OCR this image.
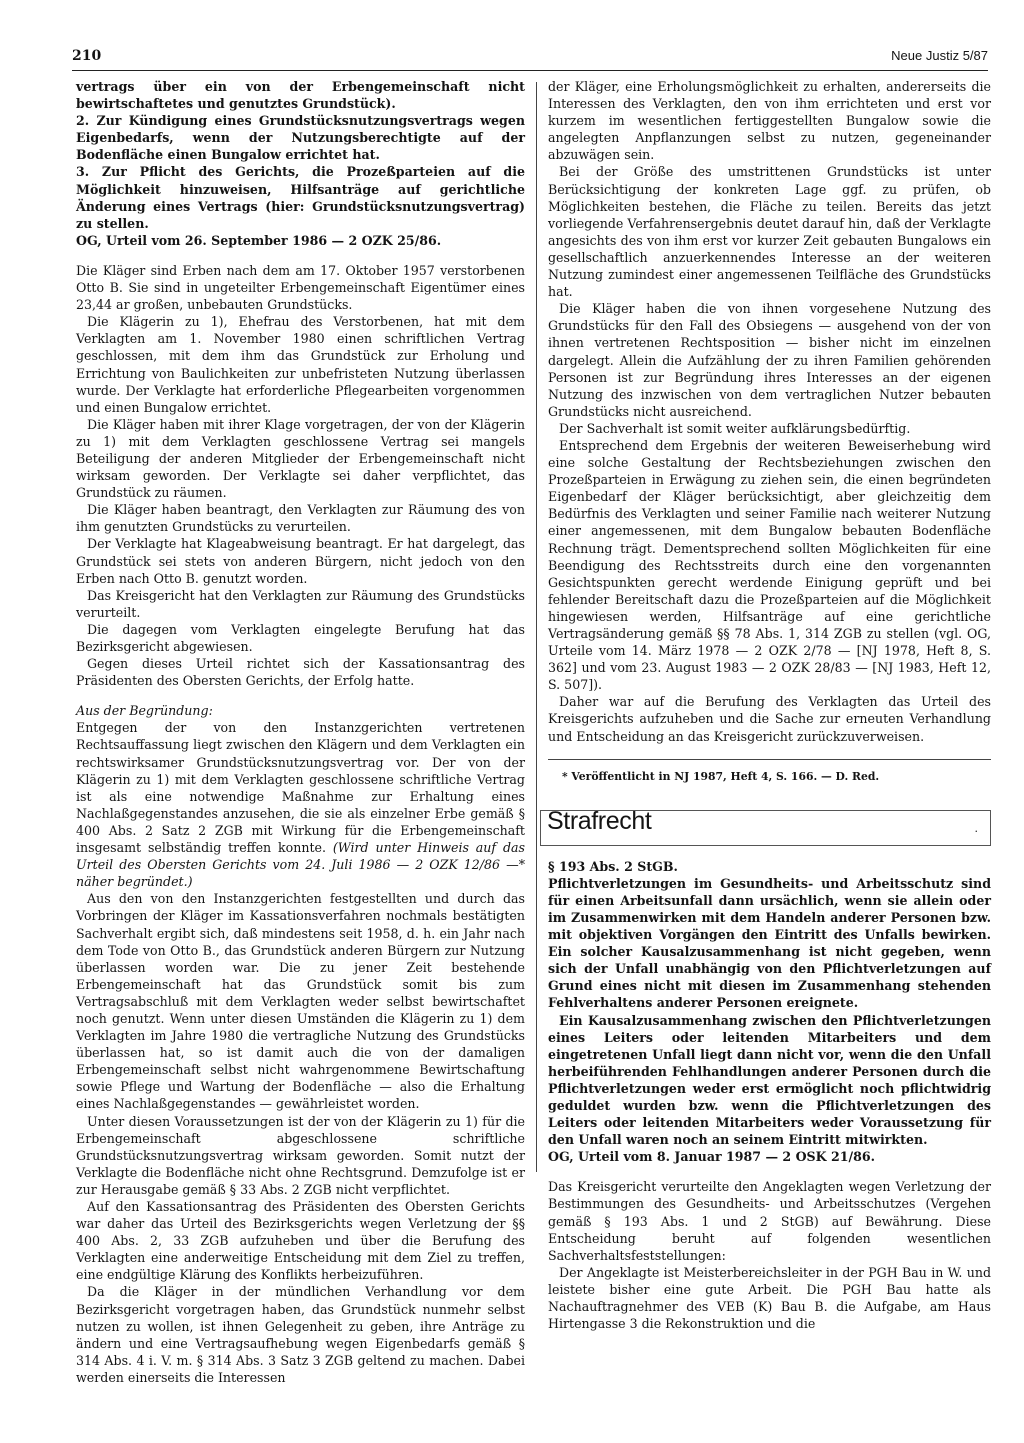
210	Neue Justiz 5/87

vertrags über ein von der Erbengemeinschaft nicht bewirtschaftetes und genutztes Grundstück).

2. Zur Kündigung eines Grundstücksnutzungsvertrags wegen Eigenbedarfs, wenn der Nutzungsberechtigte auf der Bodenfläche einen Bungalow errichtet hat.

3. Zur Pflicht des Gerichts, die Prozeßparteien auf die Möglichkeit hinzuweisen, Hilfsanträge auf gerichtliche Änderung eines Vertrags (hier: Grundstücksnutzungsvertrag) zu stellen.

OG, Urteil vom 26. September 1986 — 2 OZK 25/86.

Die Kläger sind Erben nach dem am 17. Oktober 1957 verstorbenen Otto B. Sie sind in ungeteilter Erbengemeinschaft Eigentümer eines 23,44 ar großen, unbebauten Grundstücks.

Die Klägerin zu 1), Ehefrau des Verstorbenen, hat mit dem Verklagten am 1. November 1980 einen schriftlichen Vertrag geschlossen, mit dem ihm das Grundstück zur Erholung und Errichtung von Baulichkeiten zur unbefristeten Nutzung überlassen wurde. Der Verklagte hat erforderliche Pflegearbeiten vorgenommen und einen Bungalow errichtet.

Die Kläger haben mit ihrer Klage vorgetragen, der von der Klägerin zu 1) mit dem Verklagten geschlossene Vertrag sei mangels Beteiligung der anderen Mitglieder der Erbengemeinschaft nicht wirksam geworden. Der Verklagte sei daher verpflichtet, das Grundstück zu räumen.

Die Kläger haben beantragt, den Verklagten zur Räumung des von ihm genutzten Grundstücks zu verurteilen.

Der Verklagte hat Klageabweisung beantragt. Er hat dargelegt, das Grundstück sei stets von anderen Bürgern, nicht jedoch von den Erben nach Otto B. genutzt worden.

Das Kreisgericht hat den Verklagten zur Räumung des Grundstücks verurteilt.

Die dagegen vom Verklagten eingelegte Berufung hat das Bezirksgericht abgewiesen.

Gegen dieses Urteil richtet sich der Kassationsantrag des Präsidenten des Obersten Gerichts, der Erfolg hatte.

Aus der Begründung:

Entgegen der von den Instanzgerichten vertretenen Rechtsauffassung liegt zwischen den Klägern und dem Verklagten ein rechtswirksamer Grundstücksnutzungsvertrag vor. Der von der Klägerin zu 1) mit dem Verklagten geschlossene schriftliche Vertrag ist als eine notwendige Maßnahme zur Erhaltung eines Nachlaßgegenstandes anzusehen, die sie als einzelner Erbe gemäß § 400 Abs. 2 Satz 2 ZGB mit Wirkung für die Erbengemeinschaft insgesamt selbständig treffen konnte. (Wird unter Hinweis auf das Urteil des Obersten Gerichts vom 24. Juli 1986 — 2 OZK 12/86 —* näher begründet.)

Aus den von den Instanzgerichten festgestellten und durch das Vorbringen der Kläger im Kassationsverfahren nochmals bestätigten Sachverhalt ergibt sich, daß mindestens seit 1958, d. h. ein Jahr nach dem Tode von Otto B., das Grundstück anderen Bürgern zur Nutzung überlassen worden war. Die zu jener Zeit bestehende Erbengemeinschaft hat das Grundstück somit bis zum Vertragsabschluß mit dem Verklagten weder selbst bewirtschaftet noch genutzt. Wenn unter diesen Umständen die Klägerin zu 1) dem Verklagten im Jahre 1980 die vertragliche Nutzung des Grundstücks überlassen hat, so ist damit auch die von der damaligen Erbengemeinschaft selbst nicht wahrgenommene Bewirtschaftung sowie Pflege und Wartung der Bodenfläche — also die Erhaltung eines Nachlaßgegenstandes — gewährleistet worden.

Unter diesen Voraussetzungen ist der von der Klägerin zu 1) für die Erbengemeinschaft abgeschlossene schriftliche Grundstücksnutzungsvertrag wirksam geworden. Somit nutzt der Verklagte die Bodenfläche nicht ohne Rechtsgrund. Demzufolge ist er zur Herausgabe gemäß § 33 Abs. 2 ZGB nicht verpflichtet.

Auf den Kassationsantrag des Präsidenten des Obersten Gerichts war daher das Urteil des Bezirksgerichts wegen Verletzung der §§ 400 Abs. 2, 33 ZGB aufzuheben und über die Berufung des Verklagten eine anderweitige Entscheidung mit dem Ziel zu treffen, eine endgültige Klärung des Konflikts herbeizuführen.

Da die Kläger in der mündlichen Verhandlung vor dem Bezirksgericht vorgetragen haben, das Grundstück nunmehr selbst nutzen zu wollen, ist ihnen Gelegenheit zu geben, ihre Anträge zu ändern und eine Vertragsaufhebung wegen Eigenbedarfs gemäß § 314 Abs. 4 i. V. m. § 314 Abs. 3 Satz 3 ZGB geltend zu machen. Dabei werden einerseits die Interessen

der Kläger, eine Erholungsmöglichkeit zu erhalten, andererseits die Interessen des Verklagten, den von ihm errichteten und erst vor kurzem im wesentlichen fertiggestellten Bungalow sowie die angelegten Anpflanzungen selbst zu nutzen, gegeneinander abzuwägen sein.

Bei der Größe des umstrittenen Grundstücks ist unter Berücksichtigung der konkreten Lage ggf. zu prüfen, ob Möglichkeiten bestehen, die Fläche zu teilen. Bereits das jetzt vorliegende Verfahrensergebnis deutet darauf hin, daß der Verklagte angesichts des von ihm erst vor kurzer Zeit gebauten Bungalows ein gesellschaftlich anzuerkennendes Interesse an der weiteren Nutzung zumindest einer angemessenen Teilfläche des Grundstücks hat.

Die Kläger haben die von ihnen vorgesehene Nutzung des Grundstücks für den Fall des Obsiegens — ausgehend von der von ihnen vertretenen Rechtsposition — bisher nicht im einzelnen dargelegt. Allein die Aufzählung der zu ihren Familien gehörenden Personen ist zur Begründung ihres Interesses an der eigenen Nutzung des inzwischen von dem vertraglichen Nutzer bebauten Grundstücks nicht ausreichend.

Der Sachverhalt ist somit weiter aufklärungsbedürftig.

Entsprechend dem Ergebnis der weiteren Beweiserhebung wird eine solche Gestaltung der Rechtsbeziehungen zwischen den Prozeßparteien in Erwägung zu ziehen sein, die einen begründeten Eigenbedarf der Kläger berücksichtigt, aber gleichzeitig dem Bedürfnis des Verklagten und seiner Familie nach weiterer Nutzung einer angemessenen, mit dem Bungalow bebauten Bodenfläche Rechnung trägt. Dementsprechend sollten Möglichkeiten für eine Beendigung des Rechtsstreits durch eine den vorgenannten Gesichtspunkten gerecht werdende Einigung geprüft und bei fehlender Bereitschaft dazu die Prozeßparteien auf die Möglichkeit hingewiesen werden, Hilfsanträge auf eine gerichtliche Vertragsänderung gemäß §§ 78 Abs. 1, 314 ZGB zu stellen (vgl. OG, Urteile vom 14. März 1978 — 2 OZK 2/78 — [NJ 1978, Heft 8, S. 362] und vom 23. August 1983 — 2 OZK 28/83 — [NJ 1983, Heft 12, S. 507]).

Daher war auf die Berufung des Verklagten das Urteil des Kreisgerichts aufzuheben und die Sache zur erneuten Verhandlung und Entscheidung an das Kreisgericht zurückzuverweisen.

* Veröffentlicht in NJ 1987, Heft 4, S. 166. — D. Red.

Strafrecht	·

§ 193 Abs. 2 StGB.

Pflichtverletzungen im Gesundheits- und Arbeitsschutz sind für einen Arbeitsunfall dann ursächlich, wenn sie allein oder im Zusammenwirken mit dem Handeln anderer Personen bzw. mit objektiven Vorgängen den Eintritt des Unfalls bewirken. Ein solcher Kausalzusammenhang ist nicht gegeben, wenn sich der Unfall unabhängig von den Pflichtverletzungen auf Grund eines nicht mit diesen im Zusammenhang stehenden Fehlverhaltens anderer Personen ereignete.

Ein Kausalzusammenhang zwischen den Pflichtverletzungen eines Leiters oder leitenden Mitarbeiters und dem eingetretenen Unfall liegt dann nicht vor, wenn die den Unfall herbeiführenden Fehlhandlungen anderer Personen durch die Pflichtverletzungen weder erst ermöglicht noch pflichtwidrig geduldet wurden bzw. wenn die Pflichtverletzungen des Leiters oder leitenden Mitarbeiters weder Voraussetzung für den Unfall waren noch an seinem Eintritt mitwirkten.

OG, Urteil vom 8. Januar 1987 — 2 OSK 21/86.

Das Kreisgericht verurteilte den Angeklagten wegen Verletzung der Bestimmungen des Gesundheits- und Arbeitsschutzes (Vergehen gemäß § 193 Abs. 1 und 2 StGB) auf Bewährung. Diese Entscheidung beruht auf folgenden wesentlichen Sachverhaltsfeststellungen:

Der Angeklagte ist Meisterbereichsleiter in der PGH Bau in W. und leistete bisher eine gute Arbeit. Die PGH Bau hatte als Nachauftragnehmer des VEB (K) Bau B. die Aufgabe, am Haus Hirtengasse 3 die Rekonstruktion und die
